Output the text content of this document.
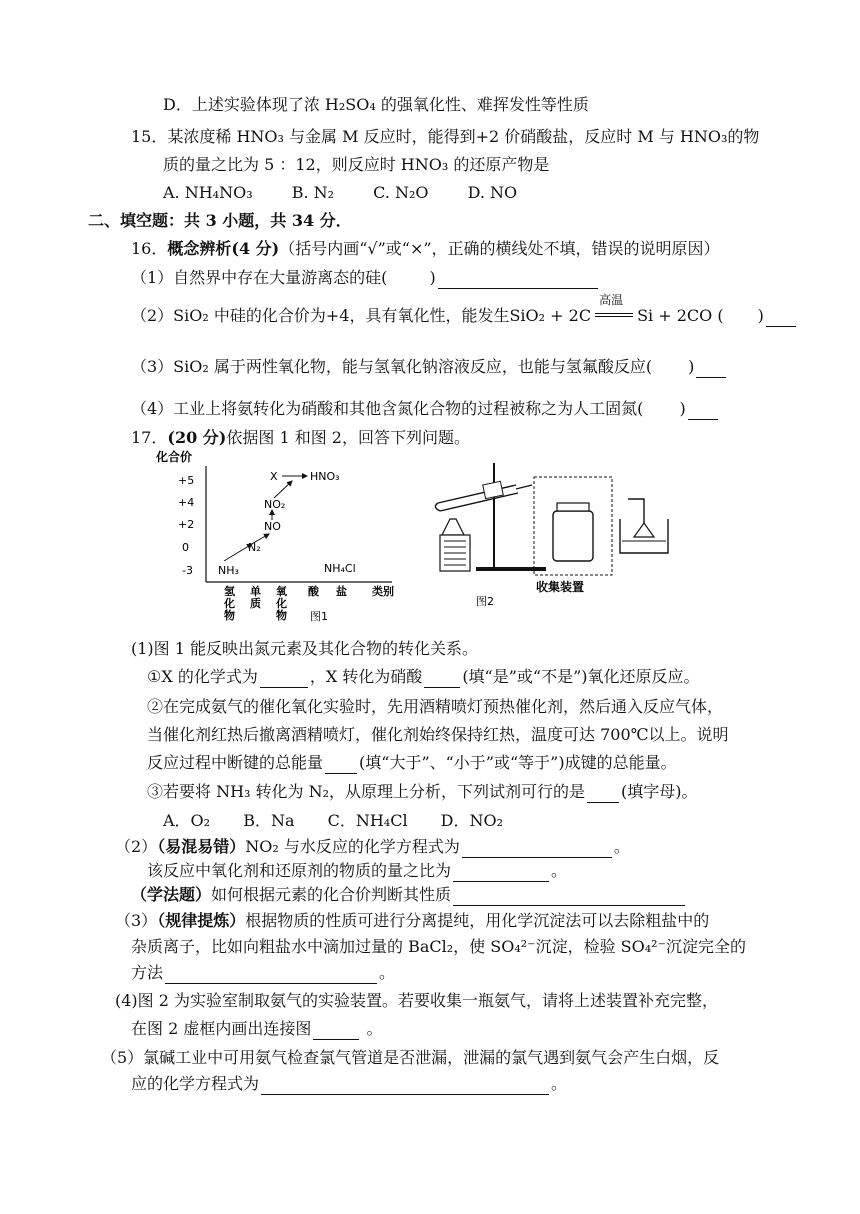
D．上述实验体现了浓 H₂SO₄ 的强氧化性、难挥发性等性质
15．某浓度稀 HNO₃ 与金属 M 反应时，能得到+2 价硝酸盐，反应时 M 与 HNO₃的物
质的量之比为 5 ：12，则反应时 HNO₃ 的还原产物是
A. NH₄NO₃ B. N₂ C. N₂O D. NO
二、填空题：共 3 小题，共 34 分．
16．概念辨析(4 分)（括号内画“√”或“×”，正确的横线处不填，错误的说明原因）
（1）自然界中存在大量游离态的硅(	)
（2）SiO₂ 中硅的化合价为+4，具有氧化性，能发生SiO₂ + 2C
高温
Si + 2CO ( )
（3）SiO₂ 属于两性氧化物，能与氢氧化钠溶液反应，也能与氢氟酸反应( )
（4）工业上将氨转化为硝酸和其他含氮化合物的过程被称之为人工固氮( )
17．(20 分)依据图 1 和图 2，回答下列问题。
化合价
+5
+4
+2
0
-3 NH₃
N₂
NO
NO₂
X	HNO₃
NH₄Cl
氢化物
单质
氧化物
酸 盐 类别
图1
收集装置
图2
(1)图 1 能反映出氮元素及其化合物的转化关系。
①X 的化学式为	，X 转化为硝酸	(填“是”或“不是”)氧化还原反应。
②在完成氨气的催化氧化实验时，先用酒精喷灯预热催化剂，然后通入反应气体，
当催化剂红热后撤离酒精喷灯，催化剂始终保持红热，温度可达 700℃以上。说明
反应过程中断键的总能量 (填“大于”、“小于”或“等于”)成键的总能量。
③若要将 NH₃ 转化为 N₂，从原理上分析，下列试剂可行的是 (填字母)。
A．O₂ B．Na C．NH₄Cl D．NO₂
（2）（易混易错）NO₂ 与水反应的化学方程式为	。
该反应中氧化剂和还原剂的物质的量之比为	。
（学法题）如何根据元素的化合价判断其性质
（3）（规律提炼）根据物质的性质可进行分离提纯，用化学沉淀法可以去除粗盐中的
杂质离子，比如向粗盐水中滴加过量的 BaCl₂，使 SO₄²⁻沉淀，检验 SO₄²⁻沉淀完全的
方法	。
(4)图 2 为实验室制取氨气的实验装置。若要收集一瓶氨气，请将上述装置补充完整，
在图 2 虚框内画出连接图	。
（5）氯碱工业中可用氨气检查氯气管道是否泄漏，泄漏的氯气遇到氨气会产生白烟，反
应的化学方程式为	。
